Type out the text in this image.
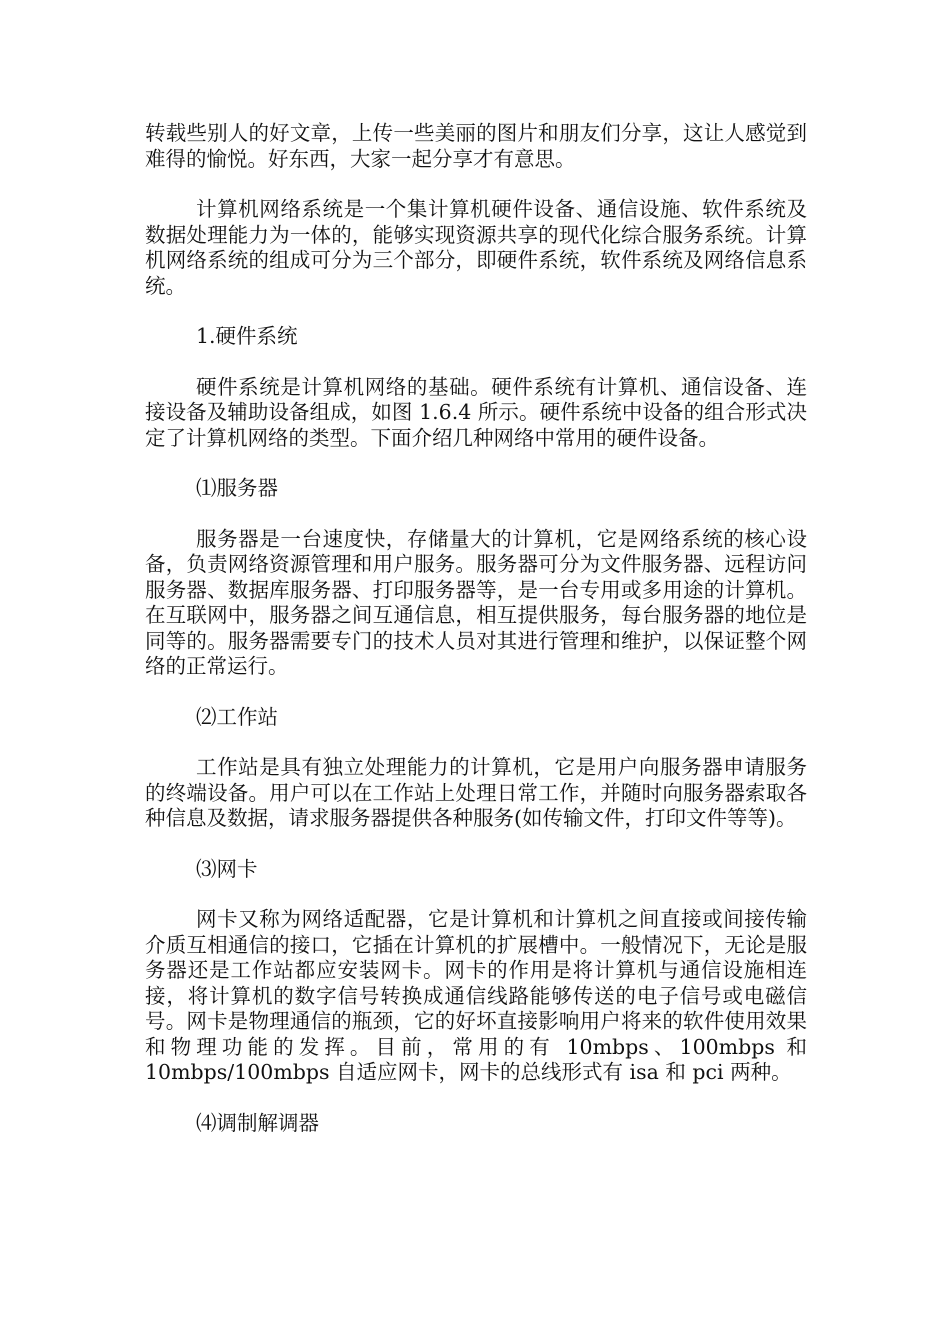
转载些别人的好文章，上传一些美丽的图片和朋友们分享，这让人感觉到难得的愉悦。好东西，大家一起分享才有意思。

计算机网络系统是一个集计算机硬件设备、通信设施、软件系统及数据处理能力为一体的，能够实现资源共享的现代化综合服务系统。计算机网络系统的组成可分为三个部分，即硬件系统，软件系统及网络信息系统。

1.硬件系统

硬件系统是计算机网络的基础。硬件系统有计算机、通信设备、连接设备及辅助设备组成，如图 1.6.4 所示。硬件系统中设备的组合形式决定了计算机网络的类型。下面介绍几种网络中常用的硬件设备。

⑴服务器

服务器是一台速度快，存储量大的计算机，它是网络系统的核心设备，负责网络资源管理和用户服务。服务器可分为文件服务器、远程访问服务器、数据库服务器、打印服务器等，是一台专用或多用途的计算机。在互联网中，服务器之间互通信息，相互提供服务，每台服务器的地位是同等的。服务器需要专门的技术人员对其进行管理和维护，以保证整个网络的正常运行。

⑵工作站

工作站是具有独立处理能力的计算机，它是用户向服务器申请服务的终端设备。用户可以在工作站上处理日常工作，并随时向服务器索取各种信息及数据，请求服务器提供各种服务(如传输文件，打印文件等等)。

⑶网卡

网卡又称为网络适配器，它是计算机和计算机之间直接或间接传输介质互相通信的接口，它插在计算机的扩展槽中。一般情况下，无论是服务器还是工作站都应安装网卡。网卡的作用是将计算机与通信设施相连接，将计算机的数字信号转换成通信线路能够传送的电子信号或电磁信号。网卡是物理通信的瓶颈，它的好坏直接影响用户将来的软件使用效果和物理功能的发挥。目前，常用的有 10mbps、100mbps 和 10mbps/100mbps 自适应网卡，网卡的总线形式有 isa 和 pci 两种。

⑷调制解调器
